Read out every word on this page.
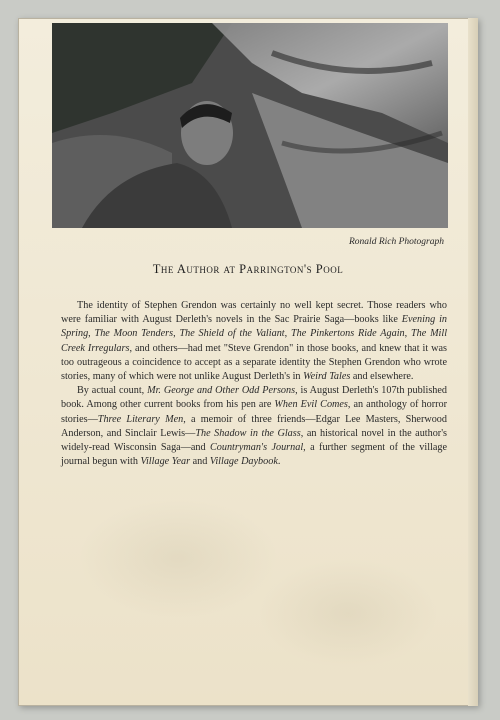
Ronald Rich Photograph
The Author at Parrington's Pool

The identity of Stephen Grendon was certainly no well kept secret. Those readers who were familiar with August Derleth's novels in the Sac Prairie Saga—books like Evening in Spring, The Moon Tenders, The Shield of the Valiant, The Pinkertons Ride Again, The Mill Creek Irregulars, and others—had met "Steve Grendon" in those books, and knew that it was too outrageous a coincidence to accept as a separate identity the Stephen Grendon who wrote stories, many of which were not unlike August Derleth's in Weird Tales and elsewhere.

By actual count, Mr. George and Other Odd Persons, is August Derleth's 107th published book. Among other current books from his pen are When Evil Comes, an anthology of horror stories—Three Literary Men, a memoir of three friends—Edgar Lee Masters, Sherwood Anderson, and Sinclair Lewis—The Shadow in the Glass, an historical novel in the author's widely-read Wisconsin Saga—and Countryman's Journal, a further segment of the village journal begun with Village Year and Village Daybook.
